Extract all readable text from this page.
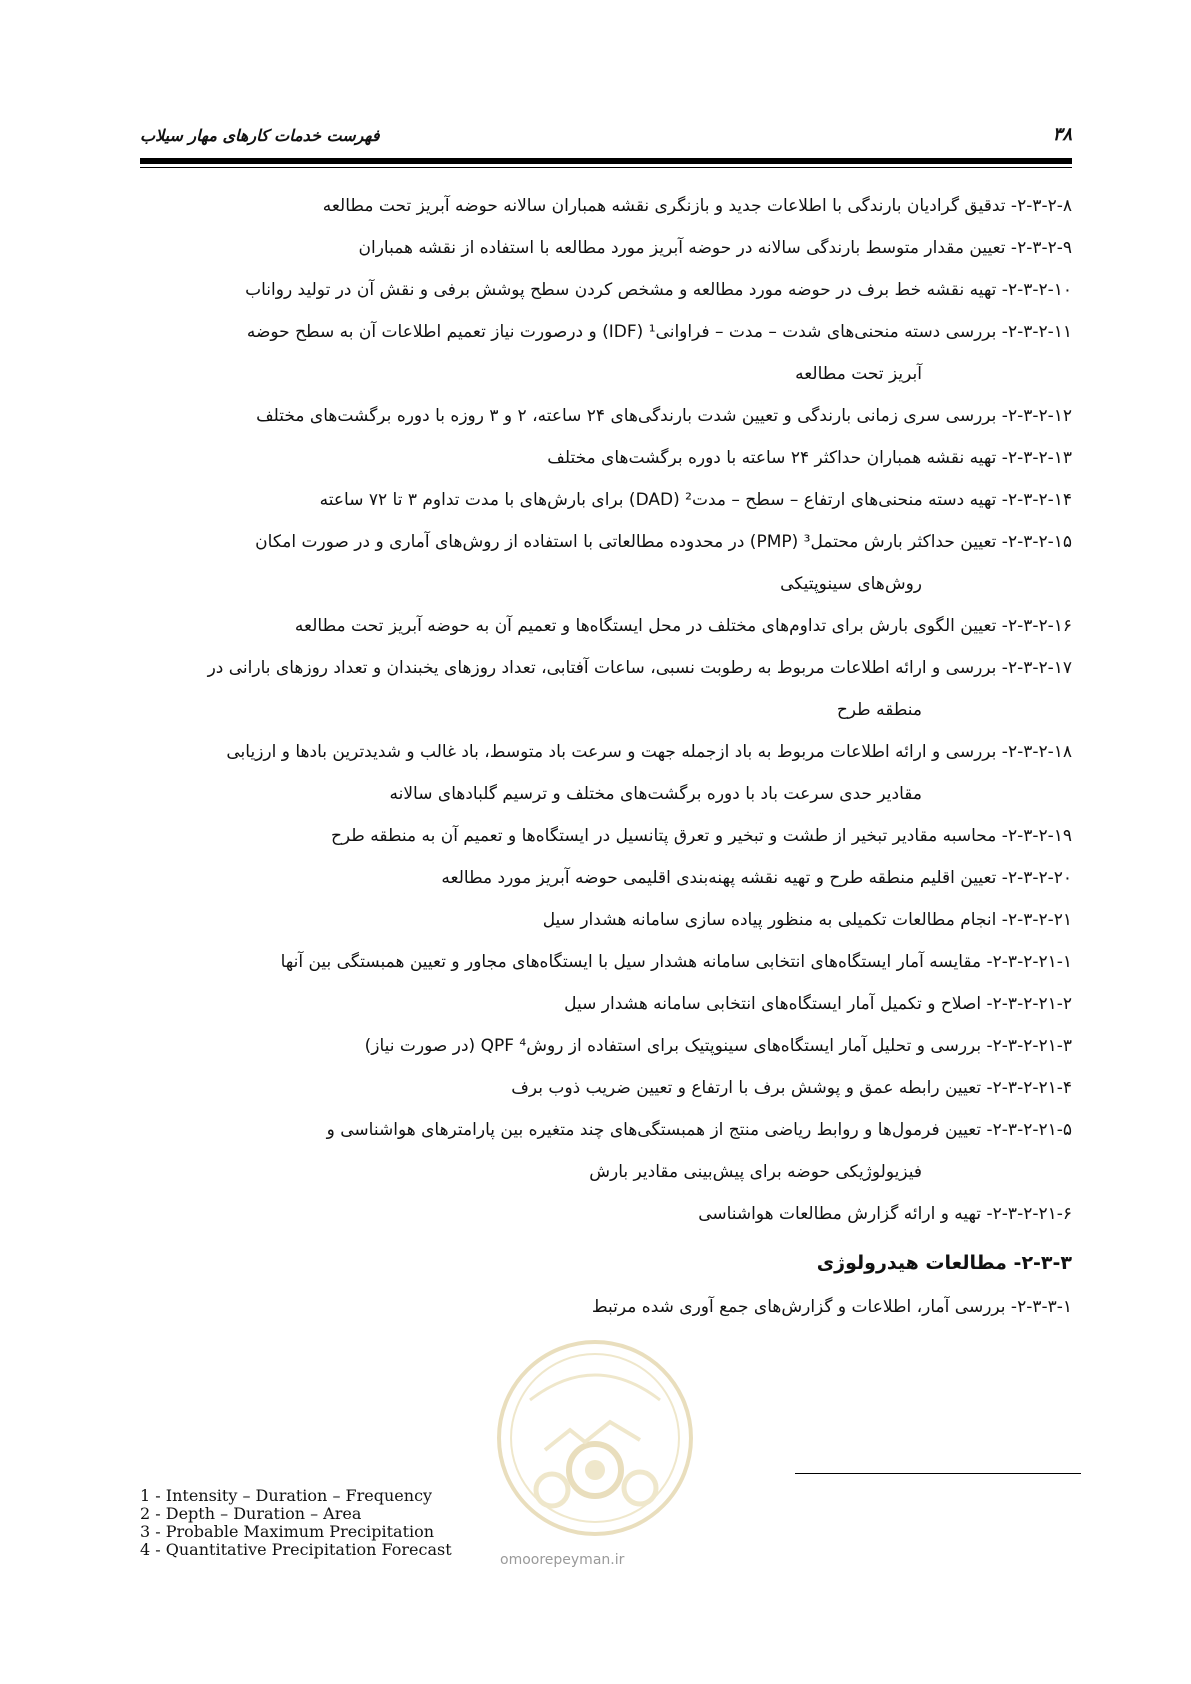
فهرست خدمات کارهای مهار سیلاب	۳۸
۲-۳-۲-۸- تدقیق گرادیان بارندگی با اطلاعات جدید و بازنگری نقشه همباران سالانه حوضه آبریز تحت مطالعه
۲-۳-۲-۹- تعیین مقدار متوسط بارندگی سالانه در حوضه آبریز مورد مطالعه با استفاده از نقشه همباران
۲-۳-۲-۱۰- تهیه نقشه خط برف در حوضه مورد مطالعه و مشخص کردن سطح پوشش برفی و نقش آن در تولید رواناب
۲-۳-۲-۱۱- بررسی دسته منحنی‌های شدت – مدت – فراوانی¹ (IDF) و درصورت نیاز تعمیم اطلاعات آن به سطح حوضه
آبریز تحت مطالعه
۲-۳-۲-۱۲- بررسی سری زمانی بارندگی و تعیین شدت بارندگی‌های ۲۴ ساعته، ۲ و ۳ روزه با دوره برگشت‌های مختلف
۲-۳-۲-۱۳- تهیه نقشه همباران حداکثر ۲۴ ساعته با دوره برگشت‌های مختلف
۲-۳-۲-۱۴- تهیه دسته منحنی‌های ارتفاع – سطح – مدت² (DAD) برای بارش‌های با مدت تداوم ۳ تا ۷۲ ساعته
۲-۳-۲-۱۵- تعیین حداکثر بارش محتمل³ (PMP) در محدوده مطالعاتی با استفاده از روش‌های آماری و در صورت امکان
روش‌های سینوپتیکی
۲-۳-۲-۱۶- تعیین الگوی بارش برای تداوم‌های مختلف در محل ایستگاه‌ها و تعمیم آن به حوضه آبریز تحت مطالعه
۲-۳-۲-۱۷- بررسی و ارائه اطلاعات مربوط به رطوبت نسبی، ساعات آفتابی، تعداد روزهای یخبندان و تعداد روزهای بارانی در
منطقه طرح
۲-۳-۲-۱۸- بررسی و ارائه اطلاعات مربوط به باد ازجمله جهت و سرعت باد متوسط، باد غالب و شدیدترین بادها و ارزیابی
مقادیر حدی سرعت باد با دوره برگشت‌های مختلف و ترسیم گلبادهای سالانه
۲-۳-۲-۱۹- محاسبه مقادیر تبخیر از طشت و تبخیر و تعرق پتانسیل در ایستگاه‌ها و تعمیم آن به منطقه طرح
۲-۳-۲-۲۰- تعیین اقلیم منطقه طرح و تهیه نقشه پهنه‌بندی اقلیمی حوضه آبریز مورد مطالعه
۲-۳-۲-۲۱- انجام مطالعات تکمیلی به منظور پیاده سازی سامانه هشدار سیل
۲-۳-۲-۲۱-۱- مقایسه آمار ایستگاه‌های انتخابی سامانه هشدار سیل با ایستگاه‌های مجاور و تعیین همبستگی بین آنها
۲-۳-۲-۲۱-۲- اصلاح و تکمیل آمار ایستگاه‌های انتخابی سامانه هشدار سیل
۲-۳-۲-۲۱-۳- بررسی و تحلیل آمار ایستگاه‌های سینوپتیک برای استفاده از روش⁴ QPF (در صورت نیاز)
۲-۳-۲-۲۱-۴- تعیین رابطه عمق و پوشش برف با ارتفاع و تعیین ضریب ذوب برف
۲-۳-۲-۲۱-۵- تعیین فرمول‌ها و روابط ریاضی منتج از همبستگی‌های چند متغیره بین پارامترهای هواشناسی و
فیزیولوژیکی حوضه برای پیش‌بینی مقادیر بارش
۲-۳-۲-۲۱-۶- تهیه و ارائه گزارش مطالعات هواشناسی
۲-۳-۳- مطالعات هیدرولوژی
۲-۳-۳-۱- بررسی آمار، اطلاعات و گزارش‌های جمع آوری شده مرتبط
omoorepeyman.ir
1 - Intensity – Duration – Frequency
2 - Depth – Duration – Area
3 - Probable Maximum Precipitation
4 - Quantitative Precipitation Forecast
